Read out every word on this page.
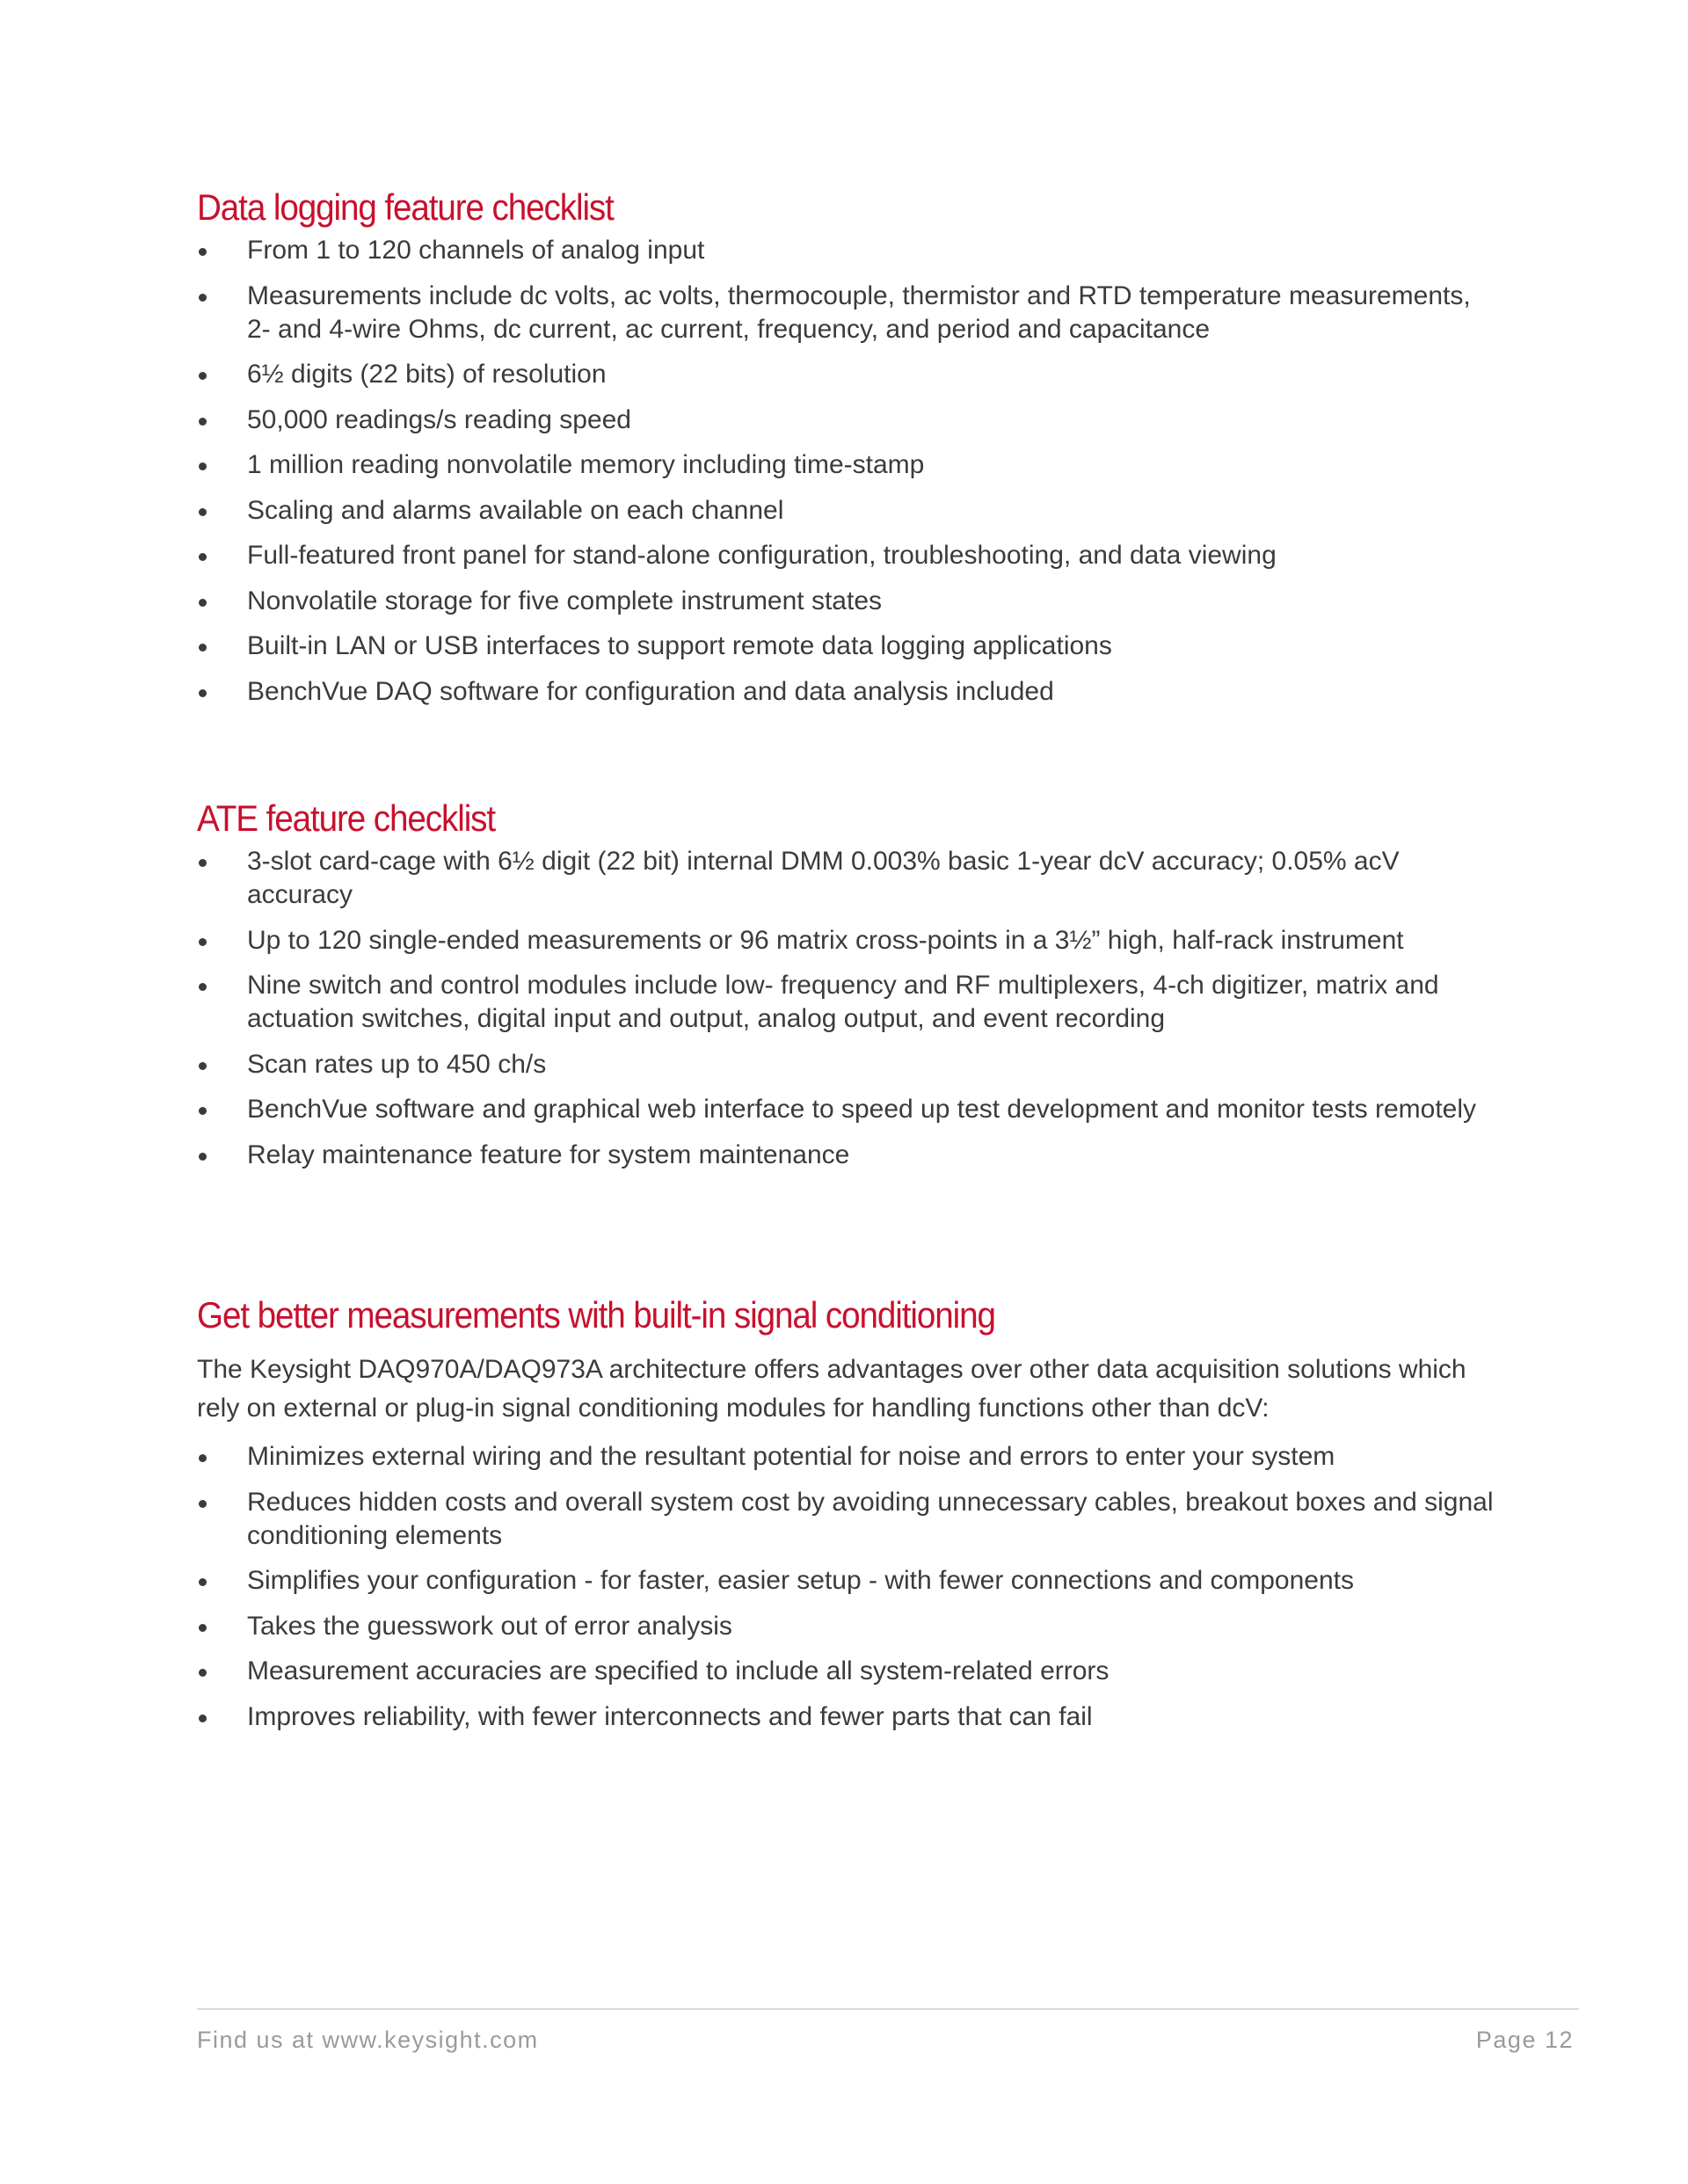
Data logging feature checklist
From 1 to 120 channels of analog input
Measurements include dc volts, ac volts, thermocouple, thermistor and RTD temperature measurements, 2- and 4-wire Ohms, dc current, ac current, frequency, and period and capacitance
6½ digits (22 bits) of resolution
50,000 readings/s reading speed
1 million reading nonvolatile memory including time-stamp
Scaling and alarms available on each channel
Full-featured front panel for stand-alone configuration, troubleshooting, and data viewing
Nonvolatile storage for five complete instrument states
Built-in LAN or USB interfaces to support remote data logging applications
BenchVue DAQ software for configuration and data analysis included
ATE feature checklist
3-slot card-cage with 6½ digit (22 bit) internal DMM 0.003% basic 1-year dcV accuracy; 0.05% acV accuracy
Up to 120 single-ended measurements or 96 matrix cross-points in a 3½” high, half-rack instrument
Nine switch and control modules include low- frequency and RF multiplexers, 4-ch digitizer, matrix and actuation switches, digital input and output, analog output, and event recording
Scan rates up to 450 ch/s
BenchVue software and graphical web interface to speed up test development and monitor tests remotely
Relay maintenance feature for system maintenance
Get better measurements with built-in signal conditioning

The Keysight DAQ970A/DAQ973A architecture offers advantages over other data acquisition solutions which rely on external or plug-in signal conditioning modules for handling functions other than dcV:

Minimizes external wiring and the resultant potential for noise and errors to enter your system
Reduces hidden costs and overall system cost by avoiding unnecessary cables, breakout boxes and signal conditioning elements
Simplifies your configuration - for faster, easier setup - with fewer connections and components
Takes the guesswork out of error analysis
Measurement accuracies are specified to include all system-related errors
Improves reliability, with fewer interconnects and fewer parts that can fail
Find us at www.keysight.com	Page 12
